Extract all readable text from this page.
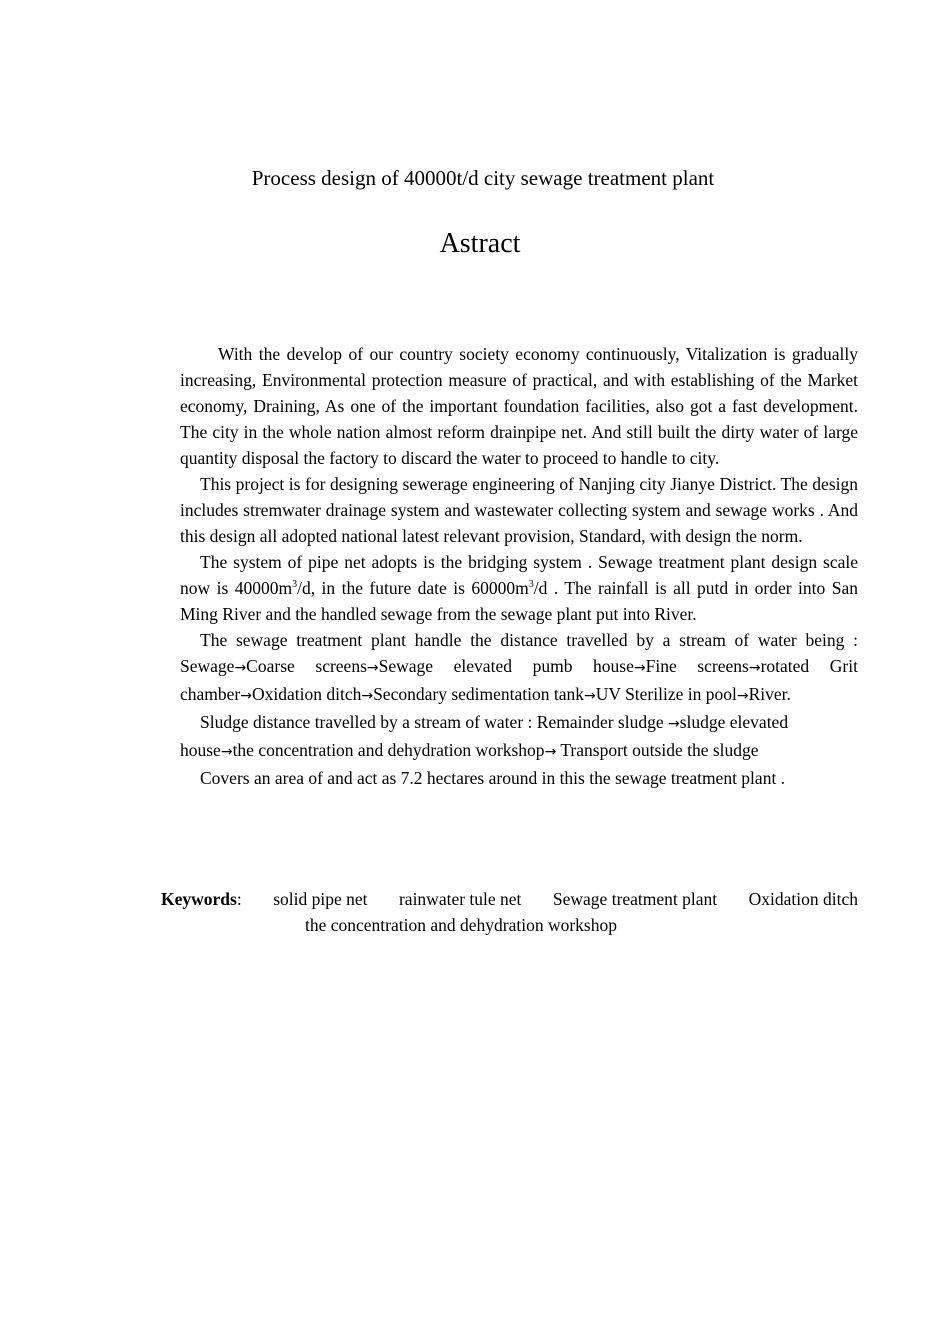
Process design of 40000t/d city sewage treatment plant
Astract

With the develop of our country society economy continuously, Vitalization is gradually increasing, Environmental protection measure of practical, and with establishing of the Market economy, Draining, As one of the important foundation facilities, also got a fast development. The city in the whole nation almost reform drainpipe net. And still built the dirty water of large quantity disposal the factory to discard the water to proceed to handle to city.

This project is for designing sewerage engineering of Nanjing city Jianye District. The design includes stremwater drainage system and wastewater collecting system and sewage works . And this design all adopted national latest relevant provision, Standard, with design the norm.

The system of pipe net adopts is the bridging system . Sewage treatment plant design scale now is $40000m^3/d$, in the future date is $60000m^3/d$ . The rainfall is all putd in order into San Ming River and the handled sewage from the sewage plant put into River.

The sewage treatment plant handle the distance travelled by a stream of water being : Sewage→Coarse screens→Sewage elevated pumb house→Fine screens→rotated Grit chamber→Oxidation ditch→Secondary sedimentation tank→UV Sterilize in pool→River.

Sludge distance travelled by a stream of water : Remainder sludge →sludge elevated house→the concentration and dehydration workshop→ Transport outside the sludge

Covers an area of and act as 7.2 hectares around in this the sewage treatment plant .

Keywords: solid pipe net rainwater tule net Sewage treatment plant Oxidation ditch
the concentration and dehydration workshop
